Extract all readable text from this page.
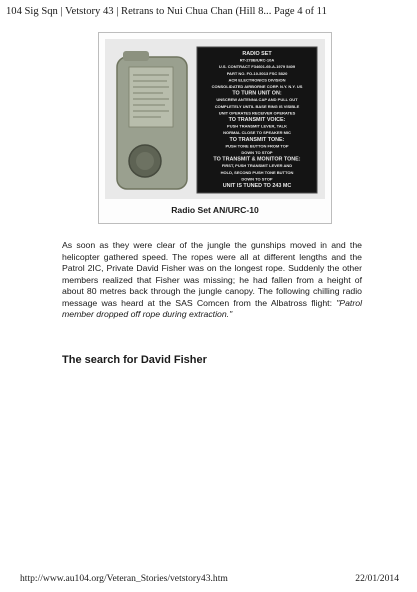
104 Sig Sqn | Vetstory 43 | Retrans to Nui Chua Chan (Hill 8... Page 4 of 11
RADIO SET
RT-278B/URC-10A
U.S. CONTRACT F34601-69-A-1979 5409
PART NO. FO-10-5013 FSC 5820
ACR ELECTRONICS DIVISION
CONSOLIDATED AIRBORNE CORP. N.Y. N.Y. US
TO TURN UNIT ON:
UNSCREW ANTENNA CAP AND PULL OUT
COMPLETELY UNTIL BASE RING IS VISIBLE
UNIT OPERATES RECEIVER OPERATES
TO TRANSMIT VOICE:
PUSH TRANSMIT LEVER, TALK
NORMAL CLOSE TO SPEAKER MIC
TO TRANSMIT TONE:
PUSH TONE BUTTON FROM TOP
DOWN TO STOP
TO TRANSMIT & MONITOR TONE:
FIRST, PUSH TRANSMIT LEVER AND
HOLD, SECOND PUSH TONE BUTTON
DOWN TO STOP
UNIT IS TUNED TO 243 MC
Radio Set AN/URC-10

As soon as they were clear of the jungle the gunships moved in and the helicopter gathered speed. The ropes were all at different lengths and the Patrol 2IC, Private David Fisher was on the longest rope. Suddenly the other members realized that Fisher was missing; he had fallen from a height of about 80 metres back through the jungle canopy. The following chilling radio message was heard at the SAS Comcen from the Albatross flight: "Patrol member dropped off rope during extraction."

The search for David Fisher
http://www.au104.org/Veteran_Stories/vetstory43.htm	22/01/2014
